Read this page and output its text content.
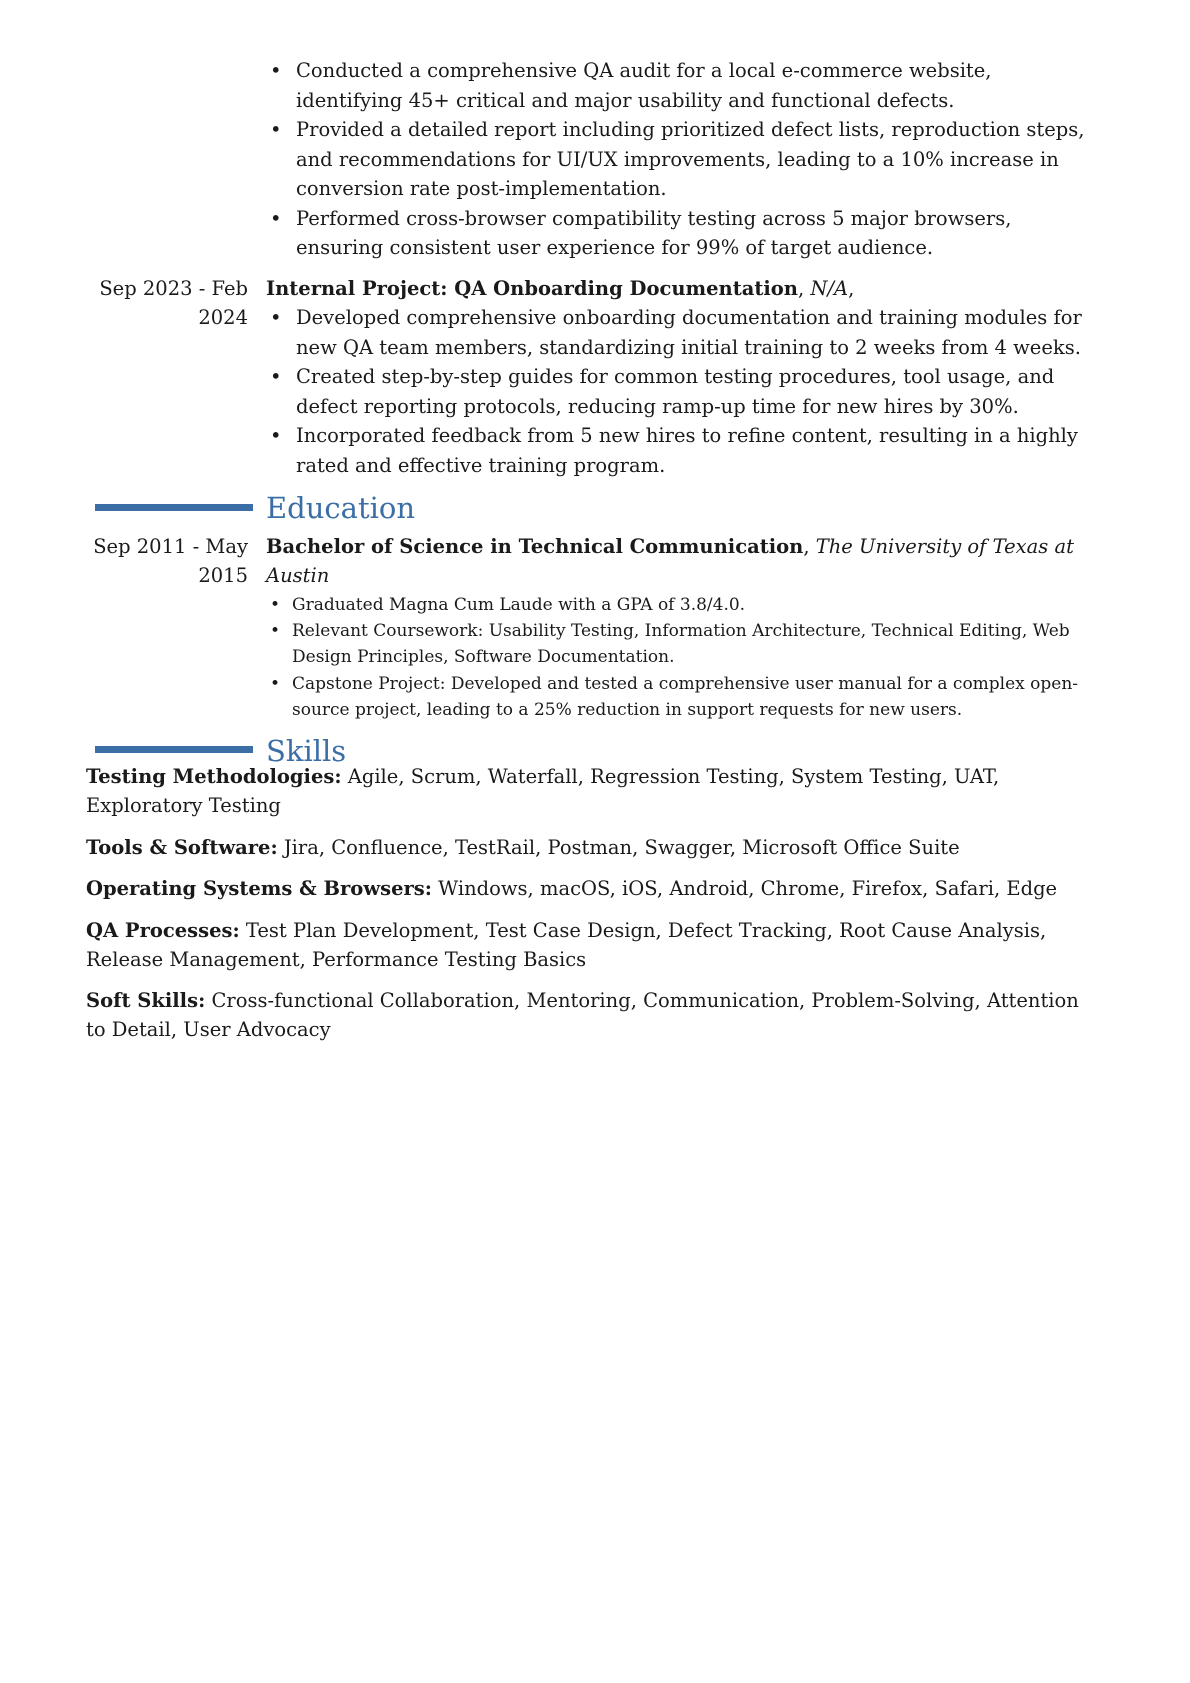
• Conducted a comprehensive QA audit for a local e-commerce website, identifying 45+ critical and major usability and functional defects.
• Provided a detailed report including prioritized defect lists, reproduction steps, and recommendations for UI/UX improvements, leading to a 10% increase in conversion rate post-implementation.
• Performed cross-browser compatibility testing across 5 major browsers, ensuring consistent user experience for 99% of target audience.
Sep 2023 - Feb
2024

Internal Project: QA Onboarding Documentation, N/A,

• Developed comprehensive onboarding documentation and training modules for new QA team members, standardizing initial training to 2 weeks from 4 weeks.
• Created step-by-step guides for common testing procedures, tool usage, and defect reporting protocols, reducing ramp-up time for new hires by 30%.
• Incorporated feedback from 5 new hires to refine content, resulting in a highly rated and effective training program.
Education
Sep 2011 - May
2015

Bachelor of Science in Technical Communication, The University of Texas at Austin

• Graduated Magna Cum Laude with a GPA of 3.8/4.0.
• Relevant Coursework: Usability Testing, Information Architecture, Technical Editing, Web Design Principles, Software Documentation.
• Capstone Project: Developed and tested a comprehensive user manual for a complex open-source project, leading to a 25% reduction in support requests for new users.
Skills

Testing Methodologies: Agile, Scrum, Waterfall, Regression Testing, System Testing, UAT, Exploratory Testing

Tools & Software: Jira, Confluence, TestRail, Postman, Swagger, Microsoft Office Suite

Operating Systems & Browsers: Windows, macOS, iOS, Android, Chrome, Firefox, Safari, Edge

QA Processes: Test Plan Development, Test Case Design, Defect Tracking, Root Cause Analysis, Release Management, Performance Testing Basics

Soft Skills: Cross-functional Collaboration, Mentoring, Communication, Problem-Solving, Attention to Detail, User Advocacy
